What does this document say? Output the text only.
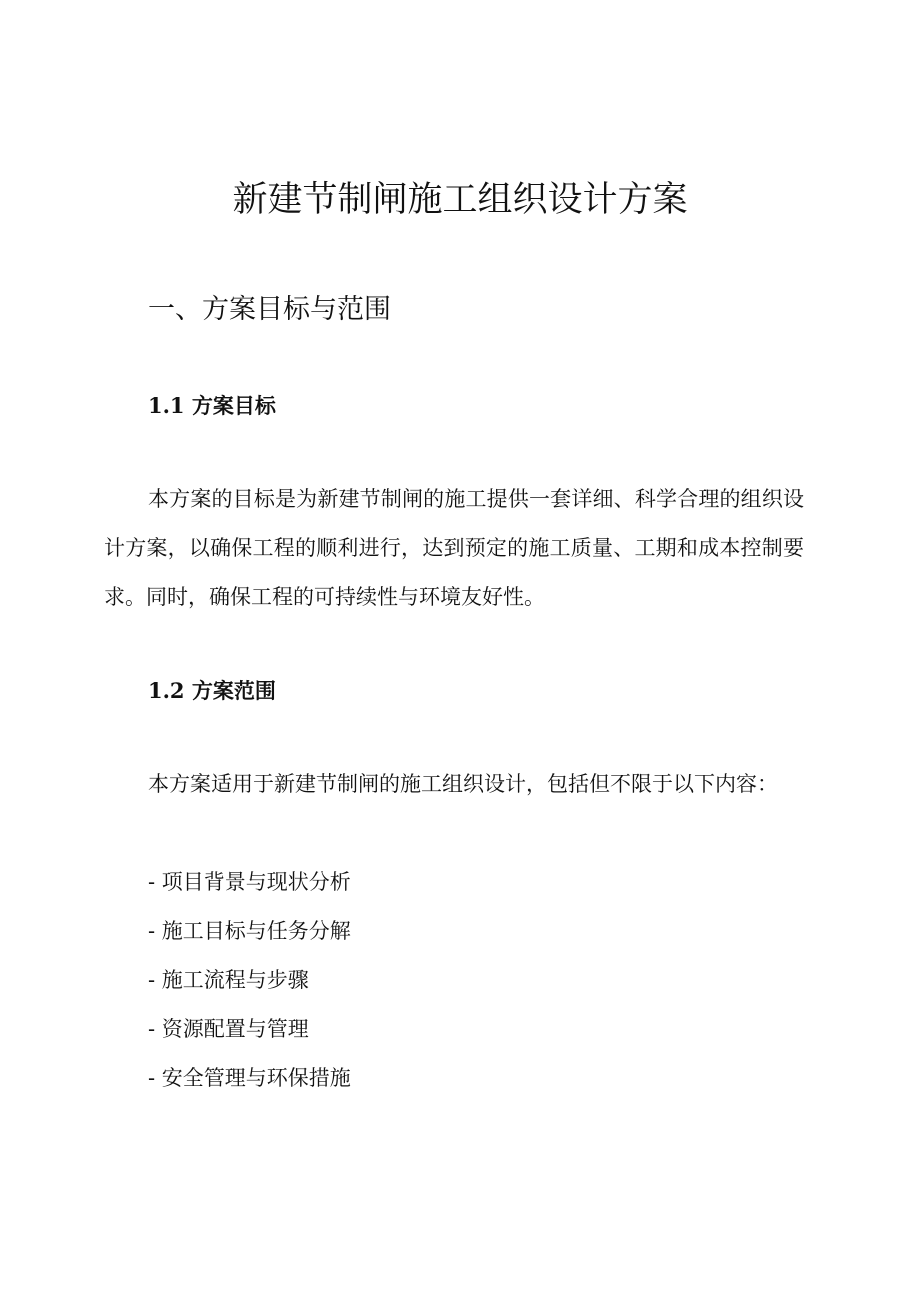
新建节制闸施工组织设计方案
一、方案目标与范围
1.1 方案目标

本方案的目标是为新建节制闸的施工提供一套详细、科学合理的组织设计方案，以确保工程的顺利进行，达到预定的施工质量、工期和成本控制要求。同时，确保工程的可持续性与环境友好性。

1.2 方案范围

本方案适用于新建节制闸的施工组织设计，包括但不限于以下内容：

- 项目背景与现状分析
- 施工目标与任务分解
- 施工流程与步骤
- 资源配置与管理
- 安全管理与环保措施
